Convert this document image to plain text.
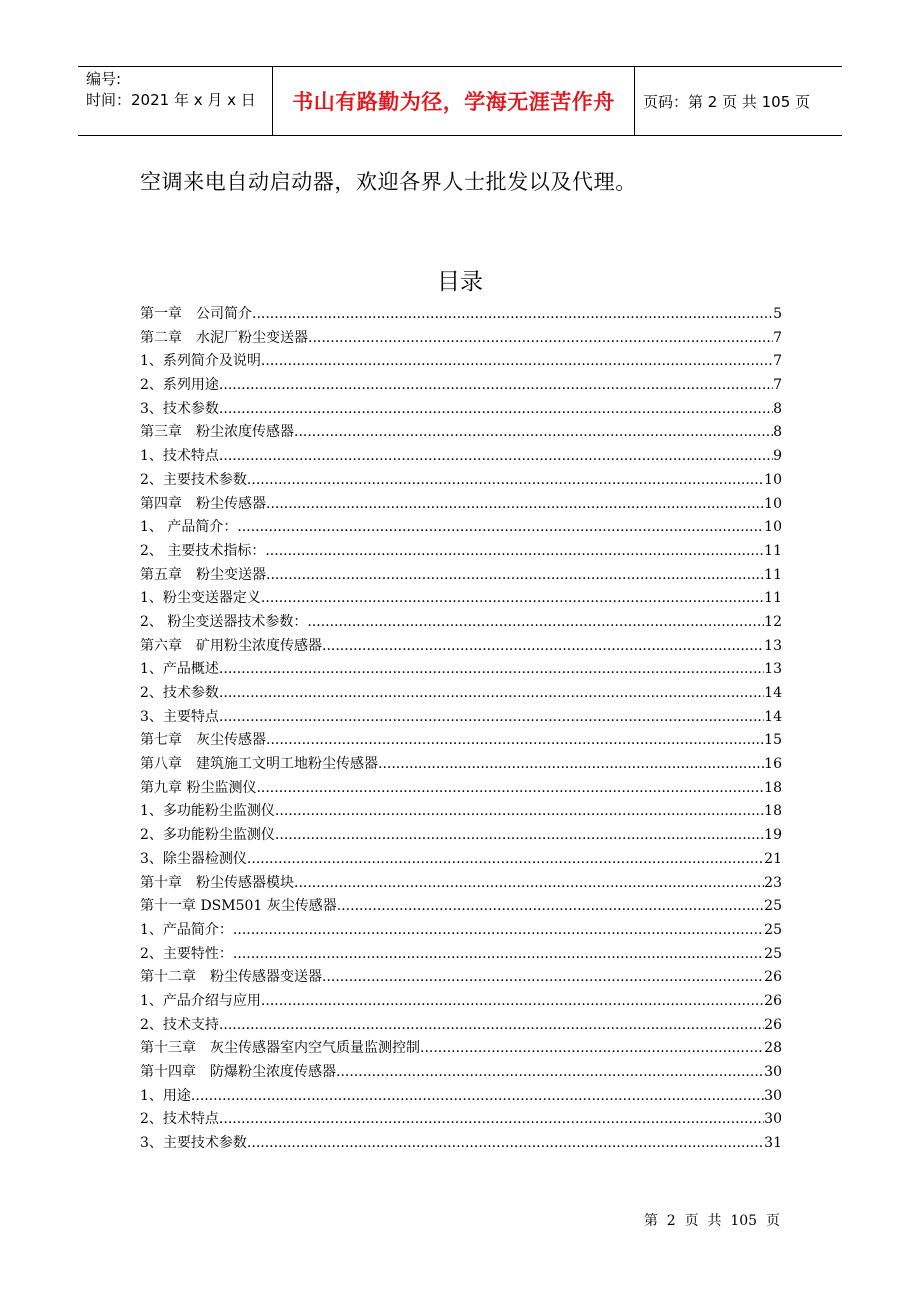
编号:
时间：2021 年 x 月 x 日	书山有路勤为径，学海无涯苦作舟	页码：第 2 页 共 105 页
空调来电自动启动器，欢迎各界人士批发以及代理。
目录
第一章　公司简介 .....	5
第二章　水泥厂粉尘变送器 .....	7
1、系列简介及说明 .....	7
2、系列用途 .....	7
3、技术参数 .....	8
第三章　粉尘浓度传感器 .....	8
1、技术特点 .....	9
2、主要技术参数 .....	10
第四章　粉尘传感器 .....	10
1、 产品简介： .....	10
2、 主要技术指标： .....	11
第五章　粉尘变送器 .....	11
1、粉尘变送器定义 .....	11
2、 粉尘变送器技术参数： .....	12
第六章　矿用粉尘浓度传感器 .....	13
1、产品概述 .....	13
2、技术参数 .....	14
3、主要特点 .....	14
第七章　灰尘传感器 .....	15
第八章　建筑施工文明工地粉尘传感器 .....	16
第九章 粉尘监测仪 .....	18
1、多功能粉尘监测仪 .....	18
2、多功能粉尘监测仪 .....	19
3、除尘器检测仪 .....	21
第十章　粉尘传感器模块 .....	23
第十一章 DSM501 灰尘传感器 .....	25
1、产品简介： .....	25
2、主要特性： .....	25
第十二章　粉尘传感器变送器 .....	26
1、产品介绍与应用 .....	26
2、技术支持 .....	26
第十三章　灰尘传感器室内空气质量监测控制 .....	28
第十四章　防爆粉尘浓度传感器 .....	30
1、用途 .....	30
2、技术特点 .....	30
3、主要技术参数 .....	31
第  2  页  共  105  页
